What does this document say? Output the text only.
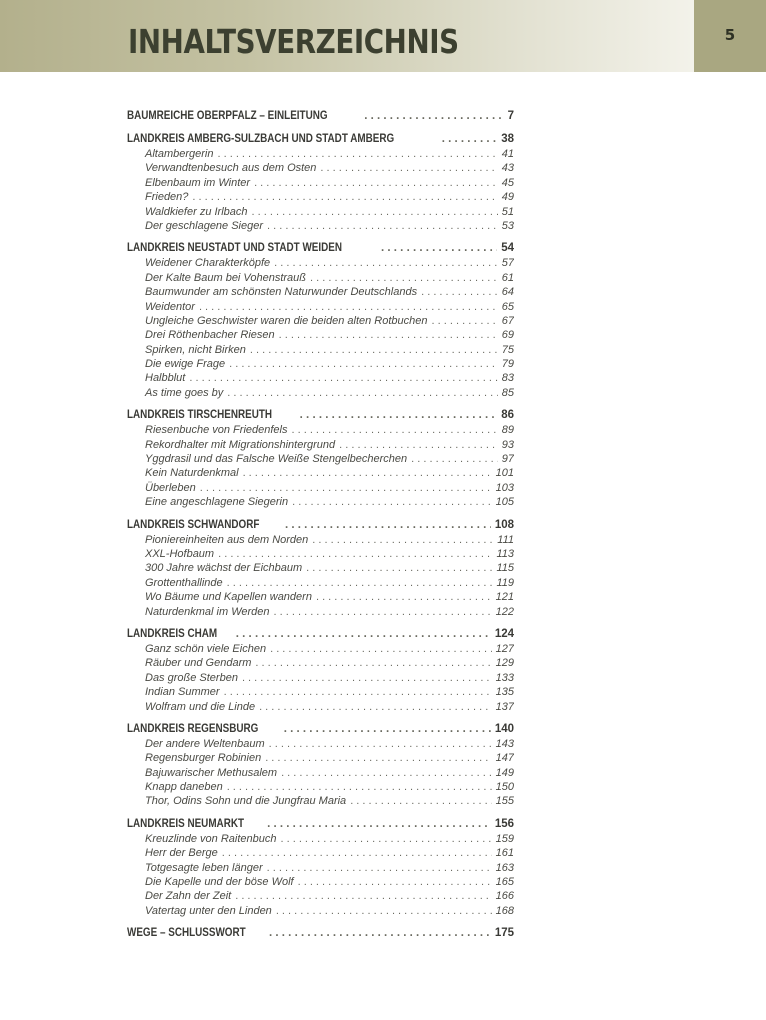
INHALTSVERZEICHNIS	5
BAUMREICHE OBERPFALZ – EINLEITUNG . . .	7
LANDKREIS AMBERG-SULZBACH UND STADT AMBERG . . .	38
Altambergerin . . .	41
Verwandtenbesuch aus dem Osten . . .	43
Elbenbaum im Winter . . .	45
Frieden? . . .	49
Waldkiefer zu Irlbach . . .	51
Der geschlagene Sieger . . .	53
LANDKREIS NEUSTADT UND STADT WEIDEN . . .	54
Weidener Charakterköpfe . . .	57
Der Kalte Baum bei Vohenstrauß . . .	61
Baumwunder am schönsten Naturwunder Deutschlands . . .	64
Weidentor . . .	65
Ungleiche Geschwister waren die beiden alten Rotbuchen . . .	67
Drei Röthenbacher Riesen . . .	69
Spirken, nicht Birken . . .	75
Die ewige Frage . . .	79
Halbblut . . .	83
As time goes by . . .	85
LANDKREIS TIRSCHENREUTH . . .	86
Riesenbuche von Friedenfels . . .	89
Rekordhalter mit Migrationshintergrund . . .	93
Yggdrasil und das Falsche Weiße Stengelbecherchen . . .	97
Kein Naturdenkmal . . .	101
Überleben . . .	103
Eine angeschlagene Siegerin . . .	105
LANDKREIS SCHWANDORF . . .	108
Pioniereinheiten aus dem Norden . . .	111
XXL-Hofbaum . . .	113
300 Jahre wächst der Eichbaum . . .	115
Grottenthallinde . . .	119
Wo Bäume und Kapellen wandern . . .	121
Naturdenkmal im Werden . . .	122
LANDKREIS CHAM . . .	124
Ganz schön viele Eichen . . .	127
Räuber und Gendarm . . .	129
Das große Sterben . . .	133
Indian Summer . . .	135
Wolfram und die Linde . . .	137
LANDKREIS REGENSBURG . . .	140
Der andere Weltenbaum . . .	143
Regensburger Robinien . . .	147
Bajuwarischer Methusalem . . .	149
Knapp daneben . . .	150
Thor, Odins Sohn und die Jungfrau Maria . . .	155
LANDKREIS NEUMARKT . . .	156
Kreuzlinde von Raitenbuch . . .	159
Herr der Berge . . .	161
Totgesagte leben länger . . .	163
Die Kapelle und der böse Wolf . . .	165
Der Zahn der Zeit . . .	166
Vatertag unter den Linden . . .	168
WEGE – SCHLUSSWORT . . .	175
